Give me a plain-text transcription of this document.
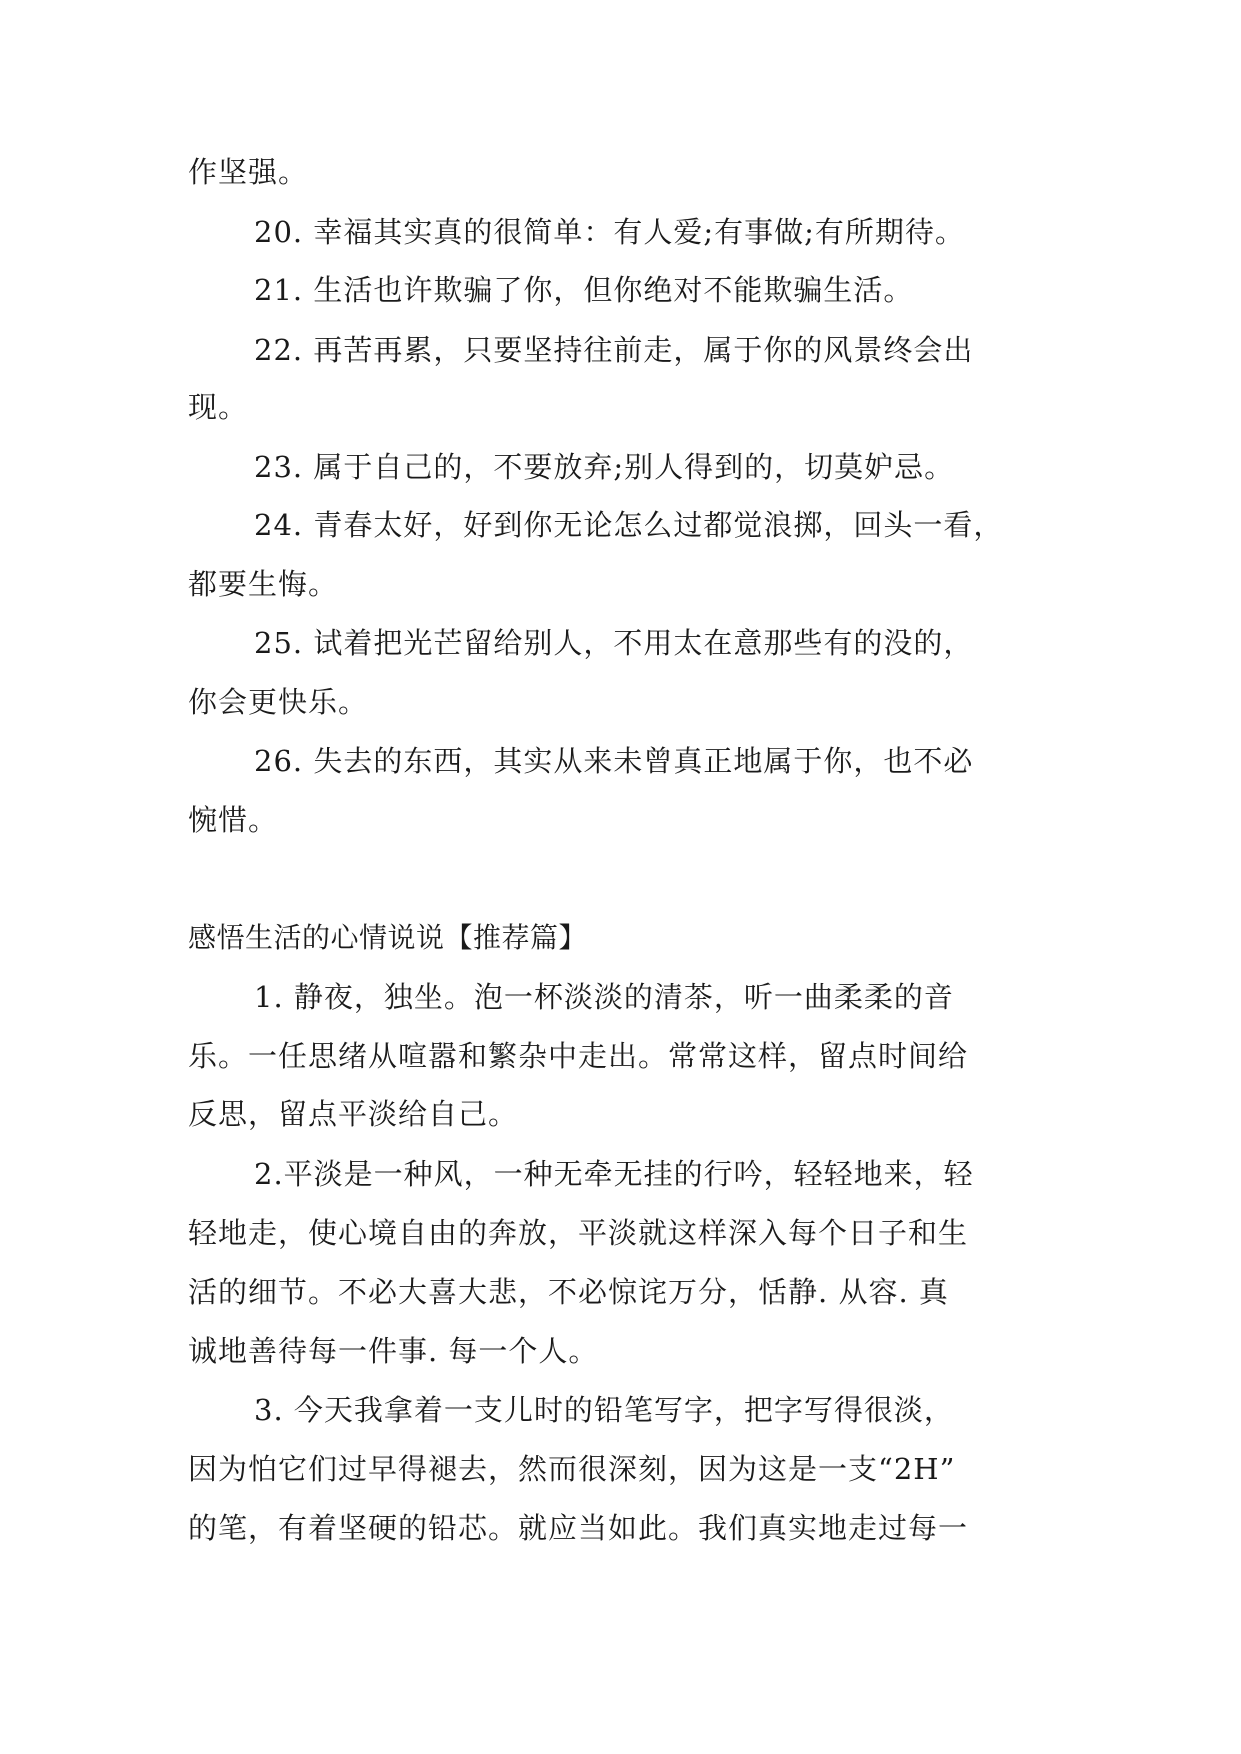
作坚强。

20. 幸福其实真的很简单：有人爱;有事做;有所期待。

21. 生活也许欺骗了你，但你绝对不能欺骗生活。

22. 再苦再累，只要坚持往前走，属于你的风景终会出

现。

23. 属于自己的，不要放弃;别人得到的，切莫妒忌。

24. 青春太好，好到你无论怎么过都觉浪掷，回头一看，

都要生悔。

25. 试着把光芒留给别人，不用太在意那些有的没的，

你会更快乐。

26. 失去的东西，其实从来未曾真正地属于你，也不必

惋惜。

感悟生活的心情说说【推荐篇】

1. 静夜，独坐。泡一杯淡淡的清茶，听一曲柔柔的音

乐。一任思绪从喧嚣和繁杂中走出。常常这样，留点时间给

反思，留点平淡给自己。

2.平淡是一种风，一种无牵无挂的行吟，轻轻地来，轻

轻地走，使心境自由的奔放，平淡就这样深入每个日子和生

活的细节。不必大喜大悲，不必惊诧万分，恬静. 从容. 真

诚地善待每一件事. 每一个人。

3. 今天我拿着一支儿时的铅笔写字，把字写得很淡，

因为怕它们过早得褪去，然而很深刻，因为这是一支“2H”

的笔，有着坚硬的铅芯。就应当如此。我们真实地走过每一
